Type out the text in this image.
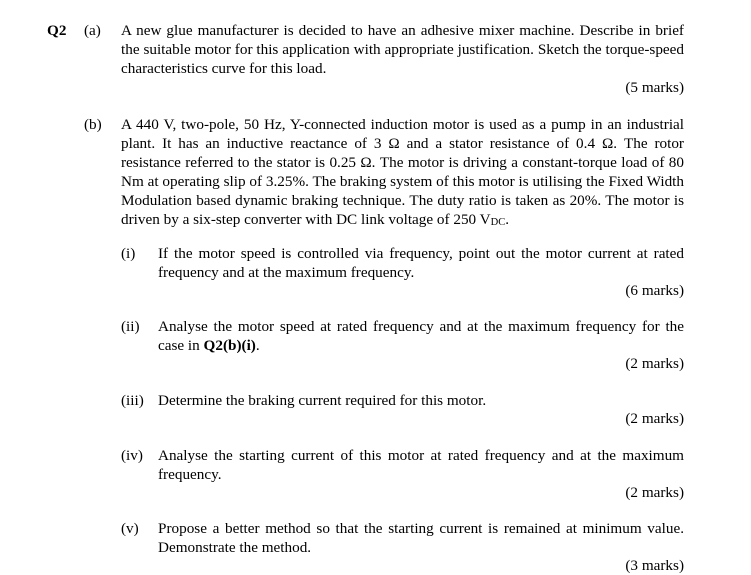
Q2 (a) A new glue manufacturer is decided to have an adhesive mixer machine. Describe in brief the suitable motor for this application with appropriate justification. Sketch the torque-speed characteristics curve for this load.
(5 marks)
(b) A 440 V, two-pole, 50 Hz, Y-connected induction motor is used as a pump in an industrial plant. It has an inductive reactance of 3 Ω and a stator resistance of 0.4 Ω. The rotor resistance referred to the stator is 0.25 Ω. The motor is driving a constant-torque load of 80 Nm at operating slip of 3.25%. The braking system of this motor is utilising the Fixed Width Modulation based dynamic braking technique. The duty ratio is taken as 20%. The motor is driven by a six-step converter with DC link voltage of 250 VDC.
(i) If the motor speed is controlled via frequency, point out the motor current at rated frequency and at the maximum frequency.
(6 marks)
(ii) Analyse the motor speed at rated frequency and at the maximum frequency for the case in Q2(b)(i).
(2 marks)
(iii) Determine the braking current required for this motor.
(2 marks)
(iv) Analyse the starting current of this motor at rated frequency and at the maximum frequency.
(2 marks)
(v) Propose a better method so that the starting current is remained at minimum value. Demonstrate the method.
(3 marks)
